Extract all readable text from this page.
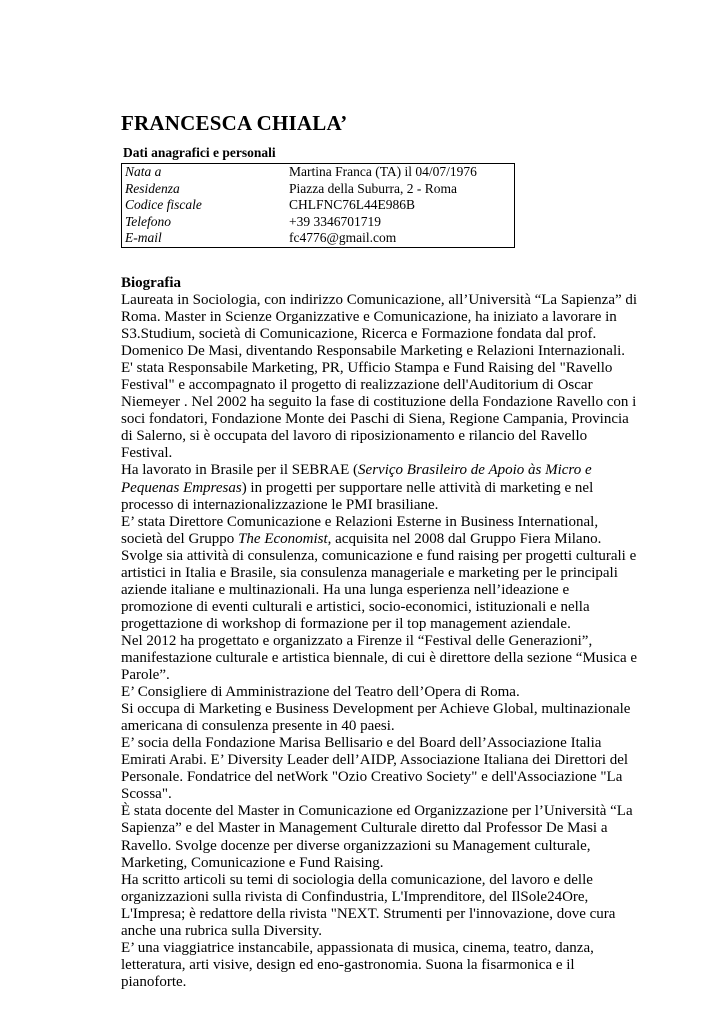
FRANCESCA CHIALA’

Dati anagrafici e personali

Nata a	Martina Franca (TA) il 04/07/1976
Residenza	Piazza della Suburra, 2 - Roma
Codice fiscale	CHLFNC76L44E986B
Telefono	+39 3346701719
E-mail	fc4776@gmail.com
Biografia

Laureata in Sociologia, con indirizzo Comunicazione, all’Università “La Sapienza” di Roma. Master in Scienze Organizzative e Comunicazione, ha iniziato a lavorare in S3.Studium, società di Comunicazione, Ricerca e Formazione fondata dal prof. Domenico De Masi, diventando Responsabile Marketing e Relazioni Internazionali.

E' stata Responsabile Marketing, PR, Ufficio Stampa e Fund Raising del "Ravello Festival" e accompagnato il progetto di realizzazione dell'Auditorium di Oscar Niemeyer . Nel 2002 ha seguito la fase di costituzione della Fondazione Ravello con i soci fondatori, Fondazione Monte dei Paschi di Siena, Regione Campania, Provincia di Salerno, si è occupata del lavoro di riposizionamento e rilancio del Ravello Festival.

Ha lavorato in Brasile per il SEBRAE (Serviço Brasileiro de Apoio às Micro e Pequenas Empresas) in progetti per supportare nelle attività di marketing e nel processo di internazionalizzazione le PMI brasiliane.

E’ stata Direttore Comunicazione e Relazioni Esterne in Business International, società del Gruppo The Economist, acquisita nel 2008 dal Gruppo Fiera Milano.

Svolge sia attività di consulenza, comunicazione e fund raising per progetti culturali e artistici in Italia e Brasile, sia consulenza manageriale e marketing per le principali aziende italiane e multinazionali. Ha una lunga esperienza nell’ideazione e promozione di eventi culturali e artistici, socio-economici, istituzionali e nella progettazione di workshop di formazione per il top management aziendale.

Nel 2012 ha progettato e organizzato a Firenze il “Festival delle Generazioni”, manifestazione culturale e artistica biennale, di cui è direttore della sezione “Musica e Parole”.

E’ Consigliere di Amministrazione del Teatro dell’Opera di Roma.

Si occupa di Marketing e Business Development per Achieve Global, multinazionale americana di consulenza presente in 40 paesi.

E’ socia della Fondazione Marisa Bellisario e del Board dell’Associazione Italia Emirati Arabi. E’ Diversity Leader dell’AIDP, Associazione Italiana dei Direttori del Personale. Fondatrice del netWork "Ozio Creativo Society" e dell'Associazione "La Scossa".

È stata docente del Master in Comunicazione ed Organizzazione per l’Università “La Sapienza” e del Master in Management Culturale diretto dal Professor De Masi a Ravello. Svolge docenze per diverse organizzazioni su Management culturale, Marketing, Comunicazione e Fund Raising.

Ha scritto articoli su temi di sociologia della comunicazione, del lavoro e delle organizzazioni sulla rivista di Confindustria, L'Imprenditore, del IlSole24Ore, L'Impresa; è redattore della rivista "NEXT. Strumenti per l'innovazione, dove cura anche una rubrica sulla Diversity.

E’ una viaggiatrice instancabile, appassionata di musica, cinema, teatro, danza, letteratura, arti visive, design ed eno-gastronomia. Suona la fisarmonica e il pianoforte.
